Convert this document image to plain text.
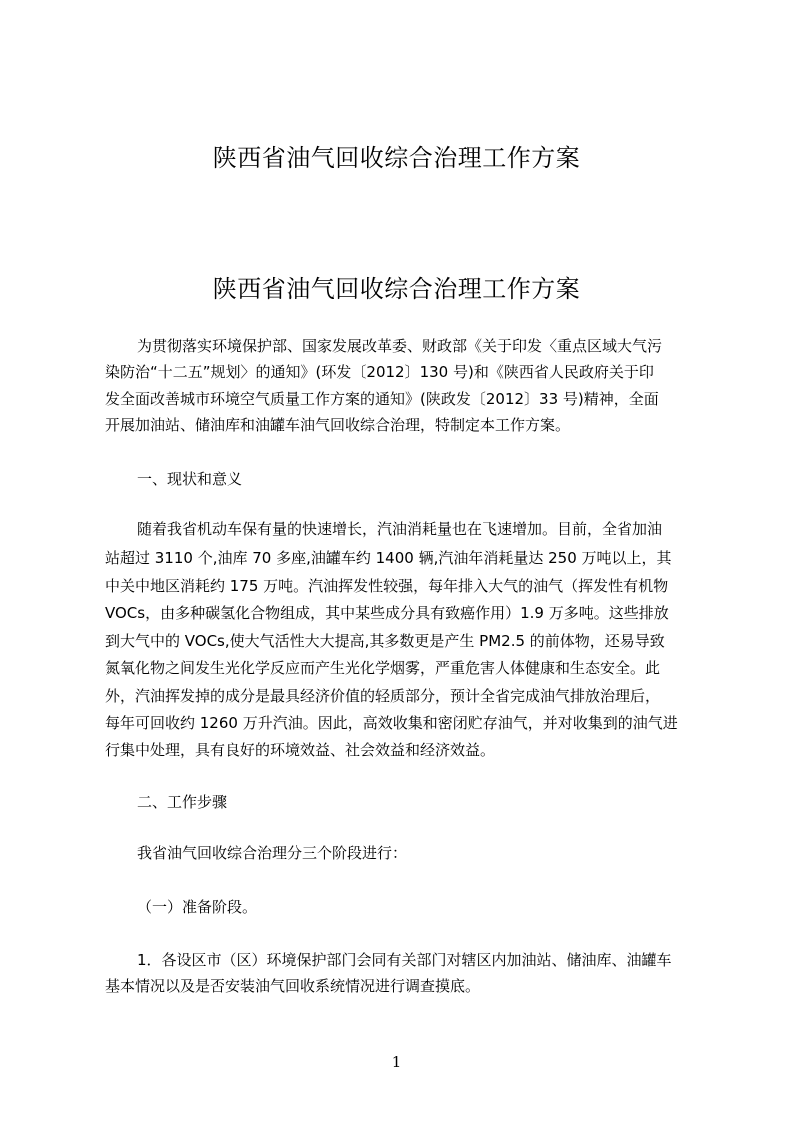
陕西省油气回收综合治理工作方案
陕西省油气回收综合治理工作方案
为贯彻落实环境保护部、国家发展改革委、财政部《关于印发〈重点区域大气污
染防治“十二五”规划〉的通知》(环发〔2012〕130 号)和《陕西省人民政府关于印
发全面改善城市环境空气质量工作方案的通知》(陕政发〔2012〕33 号)精神，全面
开展加油站、储油库和油罐车油气回收综合治理，特制定本工作方案。
一、现状和意义
随着我省机动车保有量的快速增长，汽油消耗量也在飞速增加。目前，全省加油
站超过 3110 个,油库 70 多座,油罐车约 1400 辆,汽油年消耗量达 250 万吨以上，其
中关中地区消耗约 175 万吨。汽油挥发性较强，每年排入大气的油气（挥发性有机物
VOCs，由多种碳氢化合物组成，其中某些成分具有致癌作用）1.9 万多吨。这些排放
到大气中的 VOCs,使大气活性大大提高,其多数更是产生 PM2.5 的前体物，还易导致
氮氧化物之间发生光化学反应而产生光化学烟雾，严重危害人体健康和生态安全。此
外，汽油挥发掉的成分是最具经济价值的轻质部分，预计全省完成油气排放治理后，
每年可回收约 1260 万升汽油。因此，高效收集和密闭贮存油气，并对收集到的油气进
行集中处理，具有良好的环境效益、社会效益和经济效益。
二、工作步骤
我省油气回收综合治理分三个阶段进行：
（一）准备阶段。
1．各设区市（区）环境保护部门会同有关部门对辖区内加油站、储油库、油罐车
基本情况以及是否安装油气回收系统情况进行调查摸底。
1
